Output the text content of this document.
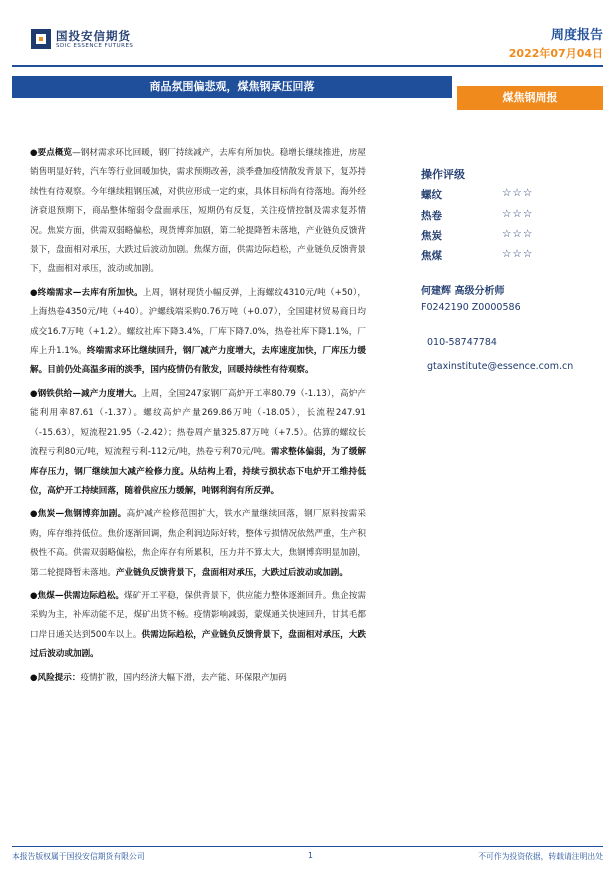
国投安信期货
SDIC ESSENCE FUTURES
周度报告
2022年07月04日
商品氛围偏悲观，煤焦钢承压回落
煤焦钢周报

●要点概览—钢材需求环比回暖，钢厂持续减产，去库有所加快。稳增长继续推进，房屋销售明显好转，汽车等行业回暖加快，需求预期改善，淡季叠加疫情散发背景下，复苏持续性有待观察。今年继续粗钢压减，对供应形成一定约束，具体目标尚有待落地。海外经济衰退预期下，商品整体缩弱令盘面承压，短期仍有反复，关注疫情控制及需求复苏情况。焦炭方面，供需双弱略偏松，现货博弈加剧，第二轮提降暂未落地，产业链负反馈背景下，盘面相对承压，大跌过后波动加剧。焦煤方面，供需边际趋松，产业链负反馈背景下，盘面相对承压，波动或加剧。

●终端需求—去库有所加快。上周，钢材现货小幅反弹，上海螺纹4310元/吨（+50），上海热卷4350元/吨（+40）。沪螺线端采购0.76万吨（+0.07），全国建材贸易商日均成交16.7万吨（+1.2）。螺纹社库下降3.4%，厂库下降7.0%，热卷社库下降1.1%，厂库上升1.1%。终端需求环比继续回升，钢厂减产力度增大，去库速度加快，厂库压力缓解。目前仍处高温多雨的淡季，国内疫情仍有散发，回暖持续性有待观察。

●钢铁供给—减产力度增大。上周，全国247家钢厂高炉开工率80.79（-1.13），高炉产能利用率87.61（-1.37）。螺纹高炉产量269.86万吨（-18.05），长流程247.91（-15.63），短流程21.95（-2.42）；热卷周产量325.87万吨（+7.5）。估算的螺纹长流程亏利80元/吨，短流程亏利-112元/吨，热卷亏利70元/吨。需求整体偏弱，为了缓解库存压力，钢厂继续加大减产检修力度。从结构上看，持续亏损状态下电炉开工维持低位，高炉开工持续回落，随着供应压力缓解，吨钢利润有所反弹。

●焦炭—焦钢博弈加剧。高炉减产检修范围扩大，铁水产量继续回落，钢厂原料按需采购，库存维持低位。焦价逐渐回调，焦企利润边际好转，整体亏损情况依然严重，生产积极性不高。供需双弱略偏松，焦企库存有所累积，压力并不算太大，焦钢博弈明显加剧，第二轮提降暂未落地。产业链负反馈背景下，盘面相对承压，大跌过后波动或加剧。

●焦煤—供需边际趋松。煤矿开工平稳，保供背景下，供应能力整体逐渐回升。焦企按需采购为主，补库动能不足，煤矿出货不畅。疫情影响减弱，蒙煤通关快速回升，甘其毛都口岸日通关达到500车以上。供需边际趋松，产业链负反馈背景下，盘面相对承压，大跌过后波动或加剧。

●风险提示：疫情扩散，国内经济大幅下滑，去产能、环保限产加码

操作评级
螺纹	☆☆☆
热卷	☆☆☆
焦炭	☆☆☆
焦煤	☆☆☆
何建辉 高级分析师
F0242190 Z0000586
010-58747784
gtaxinstitute@essence.com.cn
本报告版权属于国投安信期货有限公司	1	不可作为投资依据，转载请注明出处
